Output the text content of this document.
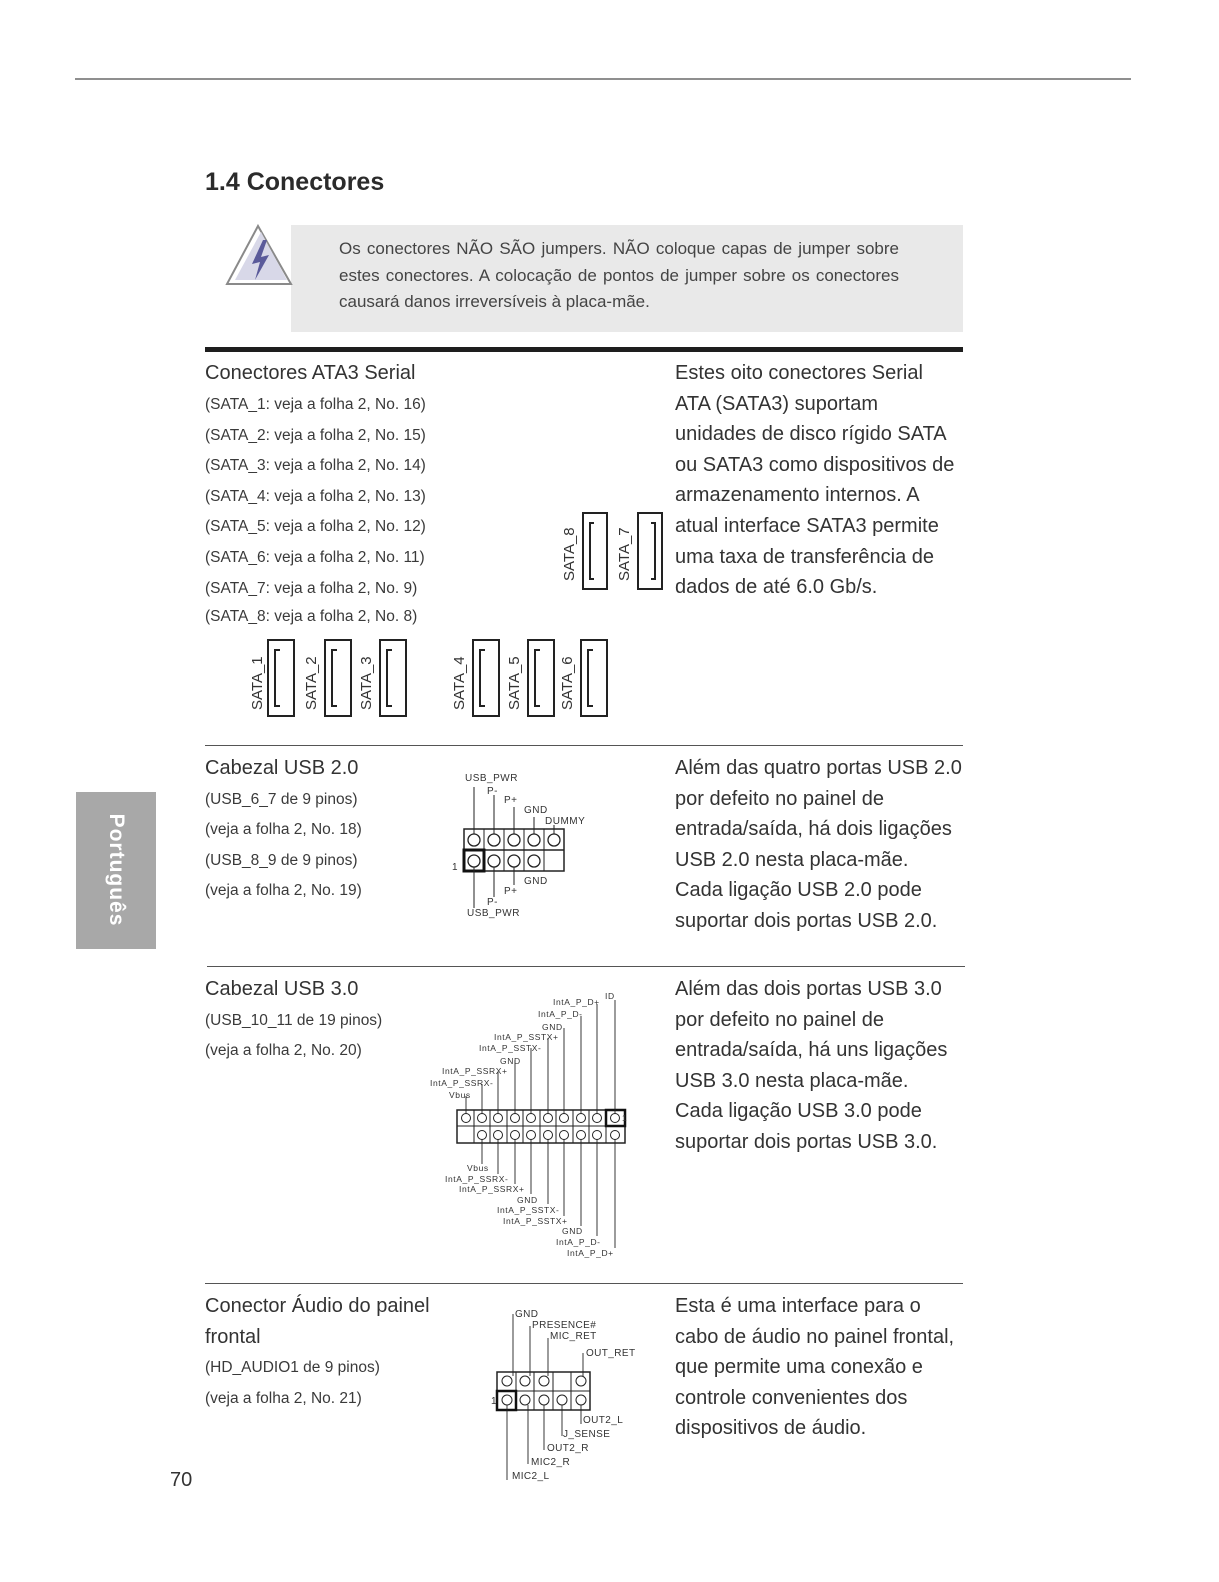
1.4 Conectores
Os conectores NÃO SÃO jumpers. NÃO coloque capas de jumper sobre estes conectores. A colocação de pontos de jumper sobre os conectores causará danos irreversíveis à placa-mãe.
Conectores ATA3 Serial
(SATA_1: veja a folha 2, No. 16)
(SATA_2: veja a folha 2, No. 15)
(SATA_3: veja a folha 2, No. 14)
(SATA_4: veja a folha 2, No. 13)
(SATA_5: veja a folha 2, No. 12)
(SATA_6: veja a folha 2, No. 11)
(SATA_7: veja a folha 2, No. 9)
(SATA_8: veja a folha 2, No. 8)
Estes oito conectores Serial
ATA (SATA3) suportam
unidades de disco rígido SATA
ou SATA3 como dispositivos de
armazenamento internos. A
atual interface SATA3 permite
uma taxa de transferência de
dados de até 6.0 Gb/s.
SATA_8	SATA_7
SATA_1 SATA_2	SATA_3	SATA_4	SATA_5 SATA_6
Cabezal USB 2.0
(USB_6_7 de 9 pinos)
(veja a folha 2, No. 18)
(USB_8_9 de 9 pinos)
(veja a folha 2, No. 19)
Além das quatro portas USB 2.0
por defeito no painel de
entrada/saída, há dois ligações
USB 2.0 nesta placa-mãe.
Cada ligação USB 2.0 pode
suportar dois portas USB 2.0.
USB_PWR
P-
P+
GND
DUMMY
1
GND
P+
P-
USB_PWR
Cabezal USB 3.0
(USB_10_11 de 19 pinos)
(veja a folha 2, No. 20)
Além das dois portas USB 3.0
por defeito no painel de
entrada/saída, há uns ligações
USB 3.0 nesta placa-mãe.
Cada ligação USB 3.0 pode
suportar dois portas USB 3.0.
ID
IntA_P_D+
IntA_P_D-
GND
IntA_P_SSTX+
IntA_P_SSTX-
GND
IntA_P_SSRX+
IntA_P_SSRX-
Vbus
1
Vbus
IntA_P_SSRX-
IntA_P_SSRX+
GND
IntA_P_SSTX-
IntA_P_SSTX+
GND
IntA_P_D-
IntA_P_D+
Conector Áudio do painel
frontal
(HD_AUDIO1 de 9 pinos)
(veja a folha 2, No. 21)
Esta é uma interface para o
cabo de áudio no painel frontal,
que permite uma conexão e
controle convenientes dos
dispositivos de áudio.
GND
PRESENCE#
MIC_RET
OUT_RET
1
OUT2_L
J_SENSE
OUT2_R
MIC2_R
MIC2_L
Português
70
